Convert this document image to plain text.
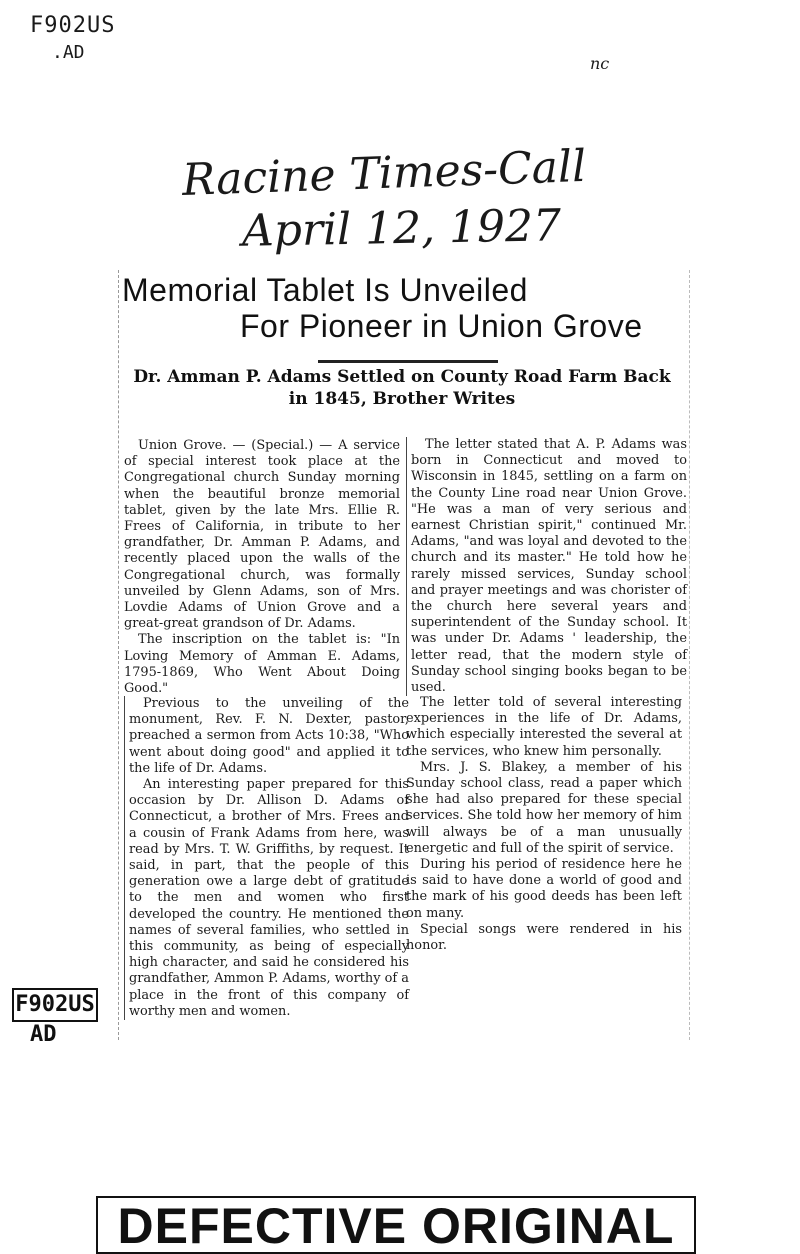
F902US
.AD
nc
Racine Times-Call
April 12, 1927
Memorial Tablet Is Unveiled
For Pioneer in Union Grove
Dr. Amman P. Adams Settled on County Road Farm Back in 1845, Brother Writes

Union Grove. — (Special.) — A service of special interest took place at the Congregational church Sunday morning when the beautiful bronze memorial tablet, given by the late Mrs. Ellie R. Frees of California, in tribute to her grandfather, Dr. Amman P. Adams, and recently placed upon the walls of the Congregational church, was formally unveiled by Glenn Adams, son of Mrs. Lovdie Adams of Union Grove and a great-great grandson of Dr. Adams.

The inscription on the tablet is: "In Loving Memory of Amman E. Adams, 1795-1869, Who Went About Doing Good."

Previous to the unveiling of the monument, Rev. F. N. Dexter, pastor, preached a sermon from Acts 10:38, "Who went about doing good" and applied it to the life of Dr. Adams.

An interesting paper prepared for this occasion by Dr. Allison D. Adams of Connecticut, a brother of Mrs. Frees and a cousin of Frank Adams from here, was read by Mrs. T. W. Griffiths, by request. It said, in part, that the people of this generation owe a large debt of gratitude to the men and women who first developed the country. He mentioned the names of several families, who settled in this community, as being of especially high character, and said he considered his grandfather, Ammon P. Adams, worthy of a place in the front of this company of worthy men and women.

The letter stated that A. P. Adams was born in Connecticut and moved to Wisconsin in 1845, settling on a farm on the County Line road near Union Grove. "He was a man of very serious and earnest Christian spirit," continued Mr. Adams, "and was loyal and devoted to the church and its master." He told how he rarely missed services, Sunday school and prayer meetings and was chorister of the church here several years and superintendent of the Sunday school. It was under Dr. Adams ' leadership, the letter read, that the modern style of Sunday school singing books began to be used.

The letter told of several interesting experiences in the life of Dr. Adams, which especially interested the several at the services, who knew him personally.

Mrs. J. S. Blakey, a member of his Sunday school class, read a paper which she had also prepared for these special services. She told how her memory of him will always be of a man unusually energetic and full of the spirit of service.

During his period of residence here he is said to have done a world of good and the mark of his good deeds has been left on many.

Special songs were rendered in his honor.

F902US
AD
DEFECTIVE ORIGINAL
